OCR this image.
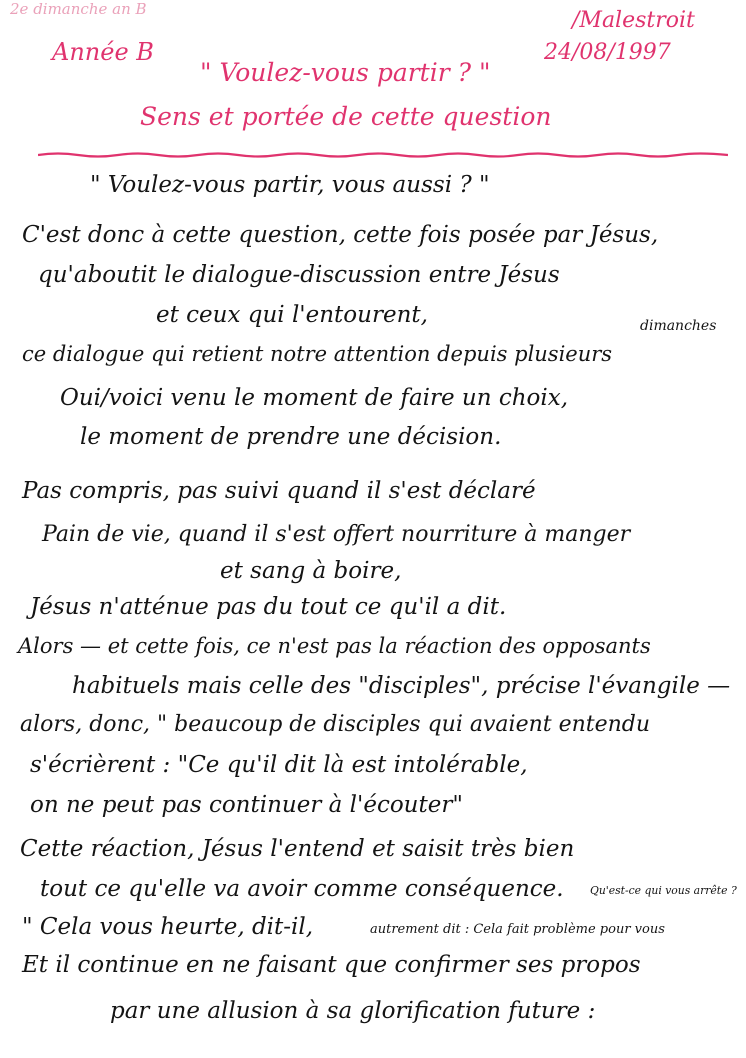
2e dimanche an B
Année B
/Malestroit
24/08/1997
" Voulez-vous partir ? "
Sens et portée de cette question
" Voulez-vous partir, vous aussi ? "
C'est donc à cette question, cette fois posée par Jésus,
qu'aboutit le dialogue-discussion entre Jésus
et ceux qui l'entourent,	dimanches
ce dialogue qui retient notre attention depuis plusieurs
Oui/voici venu le moment de faire un choix,
le moment de prendre une décision.
Pas compris, pas suivi quand il s'est déclaré
Pain de vie, quand il s'est offert nourriture à manger
et sang à boire,
Jésus n'atténue pas du tout ce qu'il a dit.
Alors — et cette fois, ce n'est pas la réaction des opposants
habituels mais celle des "disciples", précise l'évangile —
alors, donc, " beaucoup de disciples qui avaient entendu
s'écrièrent : "Ce qu'il dit là est intolérable,
on ne peut pas continuer à l'écouter"
Cette réaction, Jésus l'entend et saisit très bien
tout ce qu'elle va avoir comme conséquence. Qu'est-ce qui vous arrête ?
" Cela vous heurte, dit-il,	autrement dit : Cela fait problème pour vous
Et il continue en ne faisant que confirmer ses propos
par une allusion à sa glorification future :
